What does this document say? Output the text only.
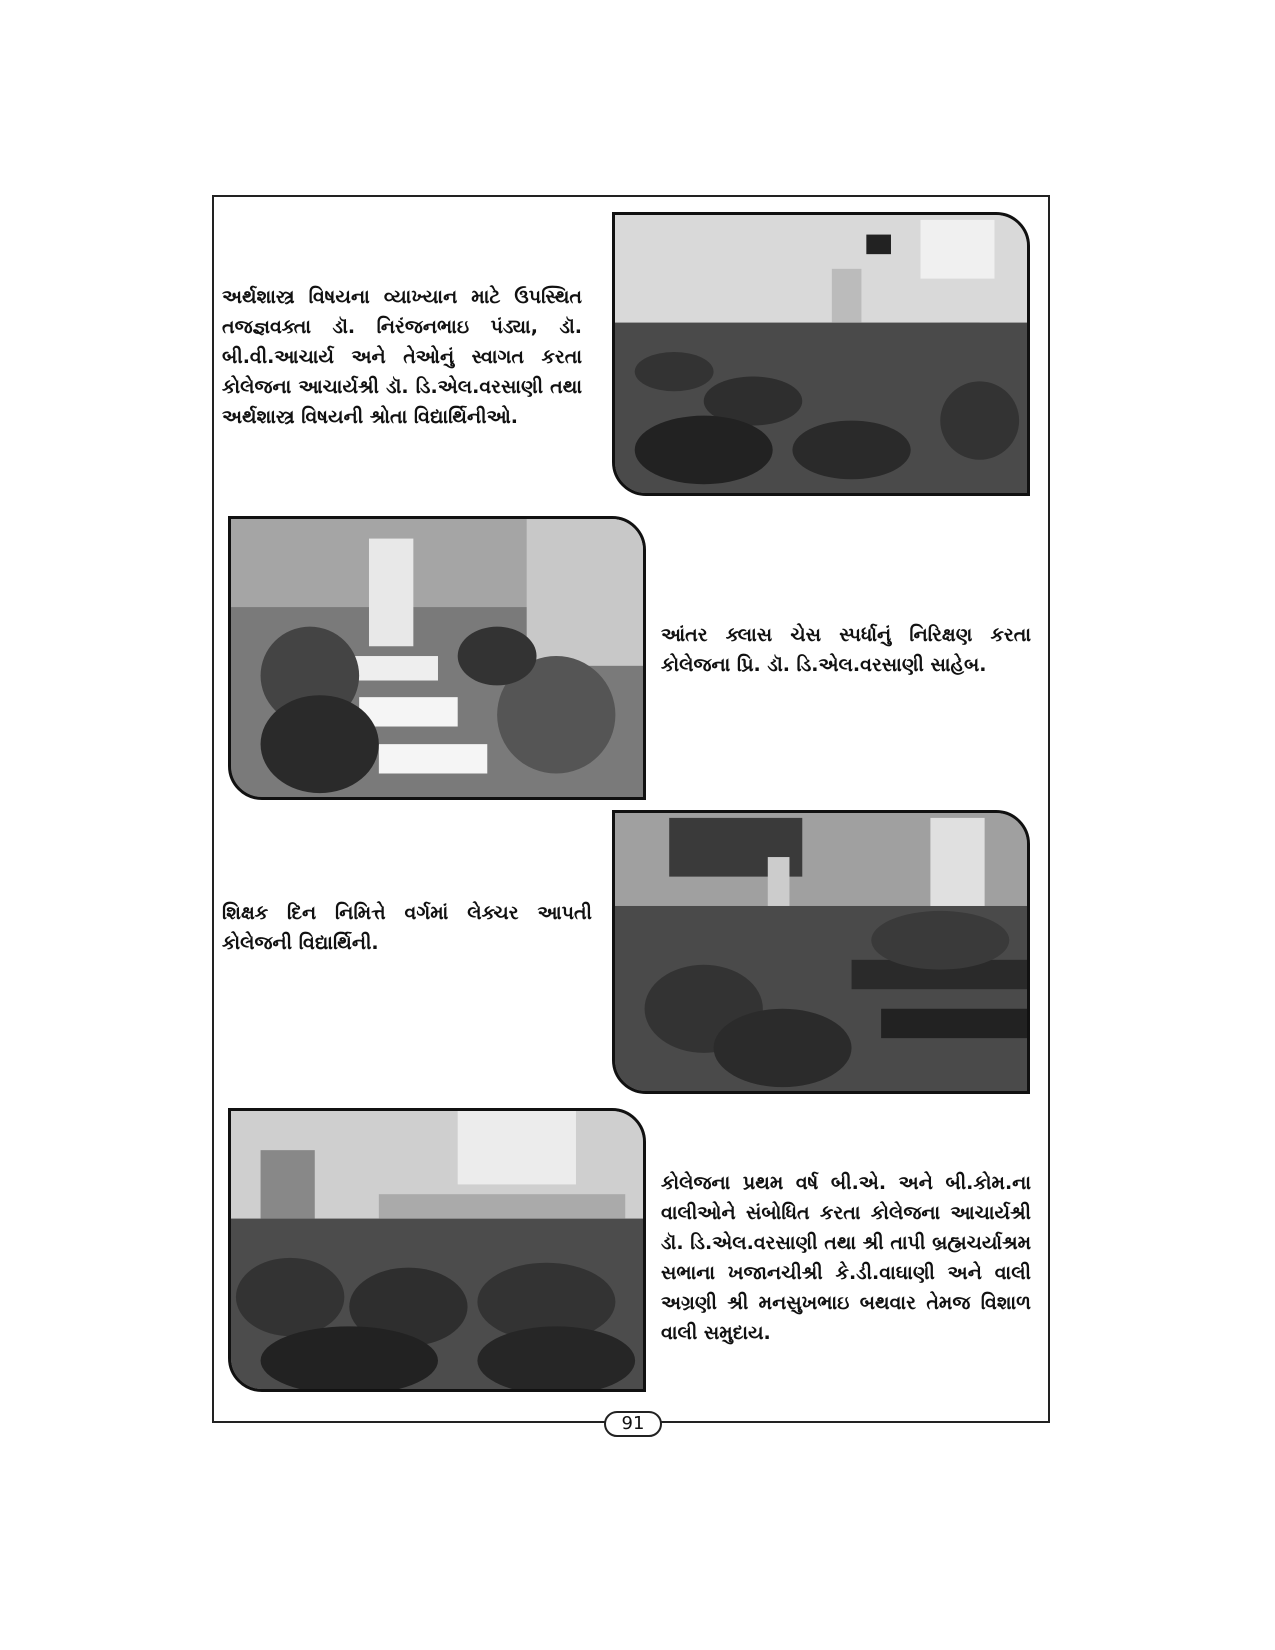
અર્થશાસ્ત્ર વિષયના વ્યાખ્યાન માટે ઉપસ્થિત તજજ્ઞવક્તા ડૉ. નિરંજનભાઇ પંડ્યા, ડૉ. બી.વી.આચાર્ય અને તેઓનું સ્વાગત કરતા કોલેજના આચાર્યશ્રી ડૉ. ડિ.એલ.વરસાણી તથા અર્થશાસ્ત્ર વિષયની શ્રોતા વિદ્યાર્થિનીઓ.
આંતર ક્લાસ ચેસ સ્પર્ધાનું નિરિક્ષણ કરતા કોલેજના પ્રિ. ડૉ. ડિ.એલ.વરસાણી સાહેબ.
શિક્ષક દિન નિમિત્તે વર્ગમાં લેક્ચર આપતી કોલેજની વિદ્યાર્થિની.
કોલેજના પ્રથમ વર્ષ બી.એ. અને બી.કોમ.ના વાલીઓને સંબોધિત કરતા કોલેજના આચાર્યશ્રી ડૉ. ડિ.એલ.વરસાણી તથા શ્રી તાપી બ્રહ્મચર્યાશ્રમ સભાના ખજાનચીશ્રી કે.ડી.વાઘાણી અને વાલી અગ્રણી શ્રી મનસુખભાઇ બથવાર તેમજ વિશાળ વાલી સમુદાય.
91
